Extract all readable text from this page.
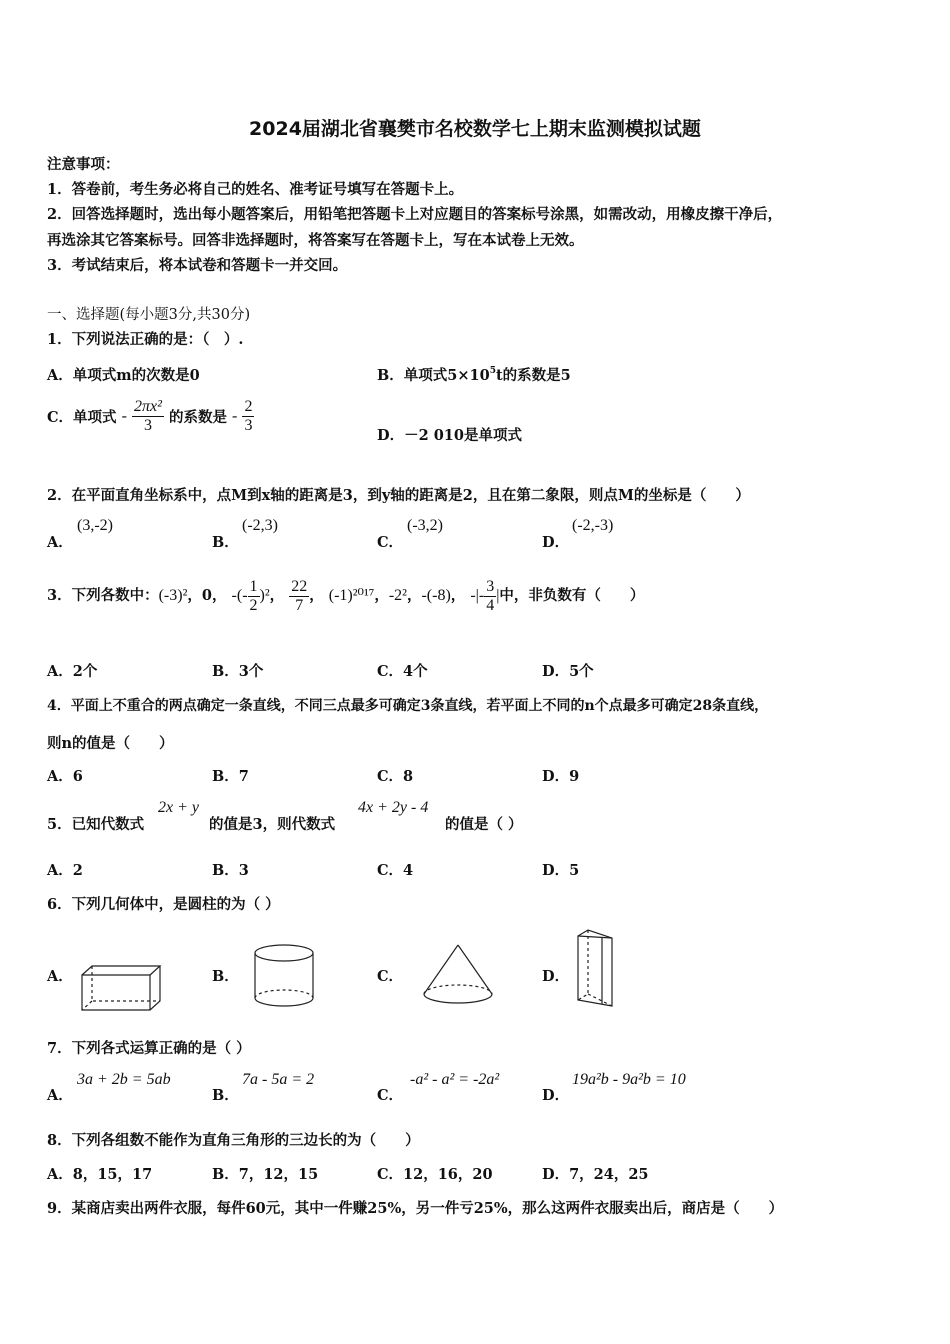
2024届湖北省襄樊市名校数学七上期末监测模拟试题
注意事项：
1．答卷前，考生务必将自己的姓名、准考证号填写在答题卡上。
2．回答选择题时，选出每小题答案后，用铅笔把答题卡上对应题目的答案标号涂黑，如需改动，用橡皮擦干净后，
再选涂其它答案标号。回答非选择题时，将答案写在答题卡上，写在本试卷上无效。
3．考试结束后，将本试卷和答题卡一并交回。
一、选择题(每小题3分,共30分)
1．下列说法正确的是：（　）.
A．单项式m的次数是0	B．单项式$5\times 10^5t$的系数是5
C．单项式 - $\frac{\text{2πx²}}{3}$ 的系数是 - $\frac{2}{3}$
D．－2 010是单项式
2．在平面直角坐标系中，点M到x轴的距离是3，到y轴的距离是2，且在第二象限，则点M的坐标是（　　）
A．
(3,-2)
B．
(-2,3)
C．
(-3,2)
D．
(-2,-3)
3．下列各数中：(-3)²，0， -(- $\frac{1}{2} )^2$， $\frac{22}{7}$ ， (-1)²⁰¹⁷，-2²，-(-8)， -|- $\frac{3}{4}$ |中，非负数有（　　）
A．2个	B．3个	C．4个	D．5个
4．平面上不重合的两点确定一条直线，不同三点最多可确定3条直线，若平面上不同的n个点最多可确定28条直线，
则n的值是（　　）
A．6	B．7	C．8	D．9
5．已知代数式
2x + y
的值是3，则代数式
4x + 2y - 4
的值是（ ）
A．2	B．3	C．4	D．5
6．下列几何体中，是圆柱的为（ ）
A．	B．	C．	D．
7．下列各式运算正确的是（ ）
A．
3a + 2b = 5ab
B．
7a - 5a = 2
C．
-a² - a² = -2a²
D．
19a²b - 9a²b = 10
8．下列各组数不能作为直角三角形的三边长的为（　　）
A．8，15，17	B．7，12，15	C．12，16，20	D．7，24，25
9．某商店卖出两件衣服，每件60元，其中一件赚25%，另一件亏25%，那么这两件衣服卖出后，商店是（　　）
